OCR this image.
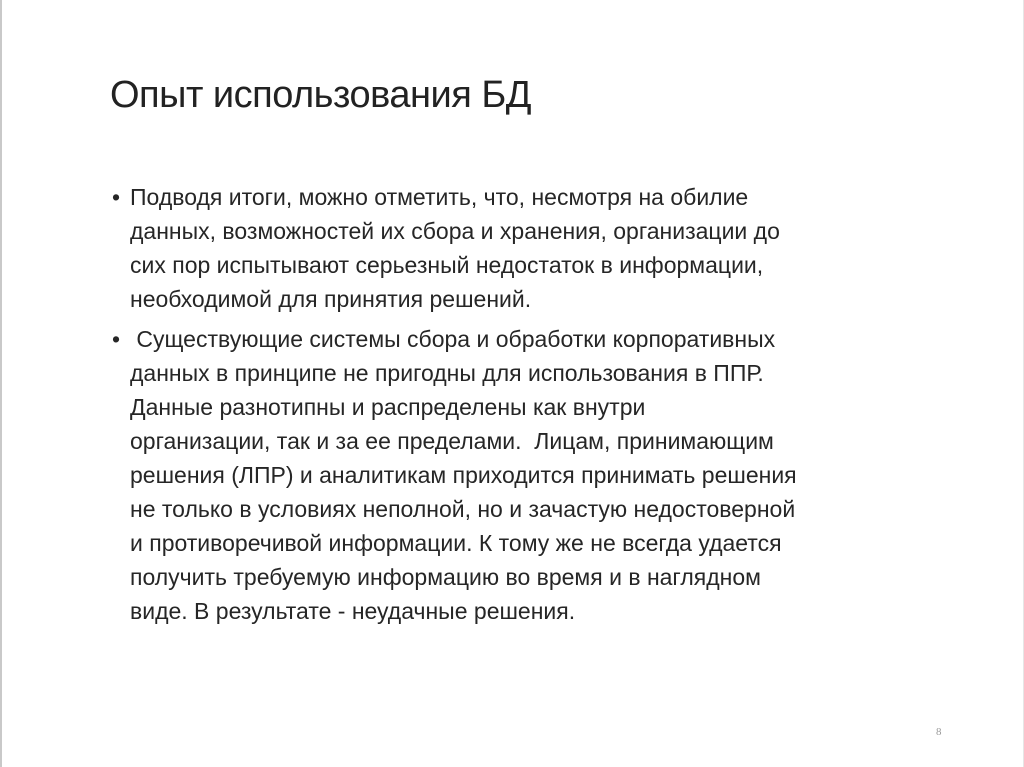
Опыт использования БД
• Подводя итоги, можно отметить, что, несмотря на обилие
данных, возможностей их сбора и хранения, организации до
сих пор испытывают серьезный недостаток в информации,
необходимой для принятия решений.
• Существующие системы сбора и обработки корпоративных
данных в принципе не пригодны для использования в ППР.
Данные разнотипны и распределены как внутри
организации, так и за ее пределами.  Лицам, принимающим
решения (ЛПР) и аналитикам приходится принимать решения
не только в условиях неполной, но и зачастую недостоверной
и противоречивой информации. К тому же не всегда удается
получить требуемую информацию во время и в наглядном
виде. В результате - неудачные решения.
8
